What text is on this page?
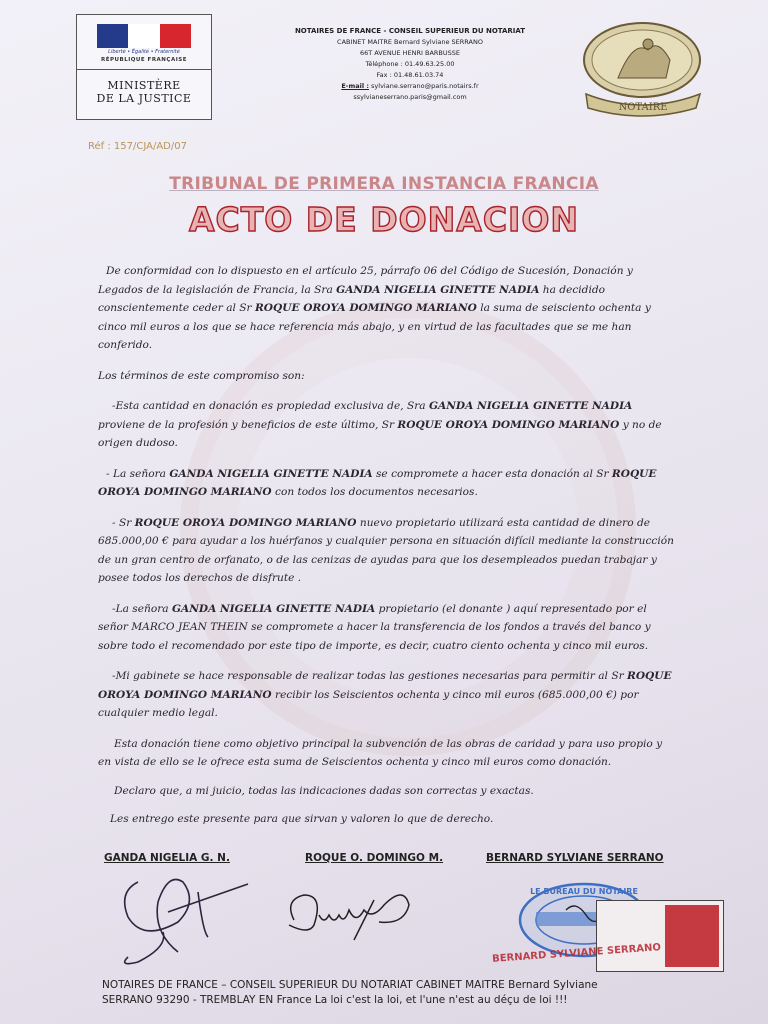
Liberté • Égalité • Fraternité
RÉPUBLIQUE FRANÇAISE
MINISTÈRE
DE LA JUSTICE
NOTAIRES DE FRANCE - CONSEIL SUPERIEUR DU NOTARIAT
CABINET MAITRE Bernard Sylviane SERRANO
66T AVENUE HENRI BARBUSSE
Téléphone : 01.49.63.25.00
Fax : 01.48.61.03.74
E-mail : sylviane.serrano@paris.notairs.fr
ssylvianeserrano.paris@gmail.com
NOTAIRE
Réf : 157/CJA/AD/07
TRIBUNAL DE PRIMERA INSTANCIA FRANCIA
ACTO DE DONACION

De conformidad con lo dispuesto en el artículo 25, párrafo 06 del Código de Sucesión, Donación y Legados de la legislación de Francia, la Sra GANDA NIGELIA GINETTE NADIA ha decidido conscientemente ceder al Sr ROQUE OROYA DOMINGO MARIANO la suma de seisciento ochenta y cinco mil euros a los que se hace referencia más abajo, y en virtud de las facultades que se me han conferido.

Los términos de este compromiso son:

-Esta cantidad en donación es propiedad exclusiva de, Sra GANDA NIGELIA GINETTE NADIA proviene de la profesión y beneficios de este último, Sr ROQUE OROYA DOMINGO MARIANO y no de origen dudoso.

- La señora GANDA NIGELIA GINETTE NADIA se compromete a hacer esta donación al Sr ROQUE OROYA DOMINGO MARIANO con todos los documentos necesarios.

- Sr ROQUE OROYA DOMINGO MARIANO nuevo propietario utilizará esta cantidad de dinero de 685.000,00 € para ayudar a los huérfanos y cualquier persona en situación difícil mediante la construcción de un gran centro de orfanato, o de las cenizas de ayudas para que los desempleados puedan trabajar y posee todos los derechos de disfrute .

-La señora GANDA NIGELIA GINETTE NADIA propietario (el donante ) aquí representado por el señor MARCO JEAN THEIN se compromete a hacer la transferencia de los fondos a través del banco y sobre todo el recomendado por este tipo de importe, es decir, cuatro ciento ochenta y cinco mil euros.

-Mi gabinete se hace responsable de realizar todas las gestiones necesarias para permitir al Sr ROQUE OROYA DOMINGO MARIANO recibir los Seiscientos ochenta y cinco mil euros (685.000,00 €) por cualquier medio legal.

Esta donación tiene como objetivo principal la subvención de las obras de caridad y para uso propio y en vista de ello se le ofrece esta suma de Seiscientos ochenta y cinco mil euros como donación.

Declaro que, a mi juicio, todas las indicaciones dadas son correctas y exactas.

Les entrego este presente para que sirvan y valoren lo que de derecho.

GANDA NIGELIA G. N.	ROQUE O. DOMINGO M.	BERNARD SYLVIANE SERRANO
LE BUREAU DU NOTAIRE
BERNARD SYLVIANE SERRANO
NOTAIRES DE FRANCE – CONSEIL SUPERIEUR DU NOTARIAT CABINET MAITRE Bernard Sylviane
SERRANO 93290 - TREMBLAY EN France La loi c'est la loi, et l'une n'est au déçu de loi !!!
